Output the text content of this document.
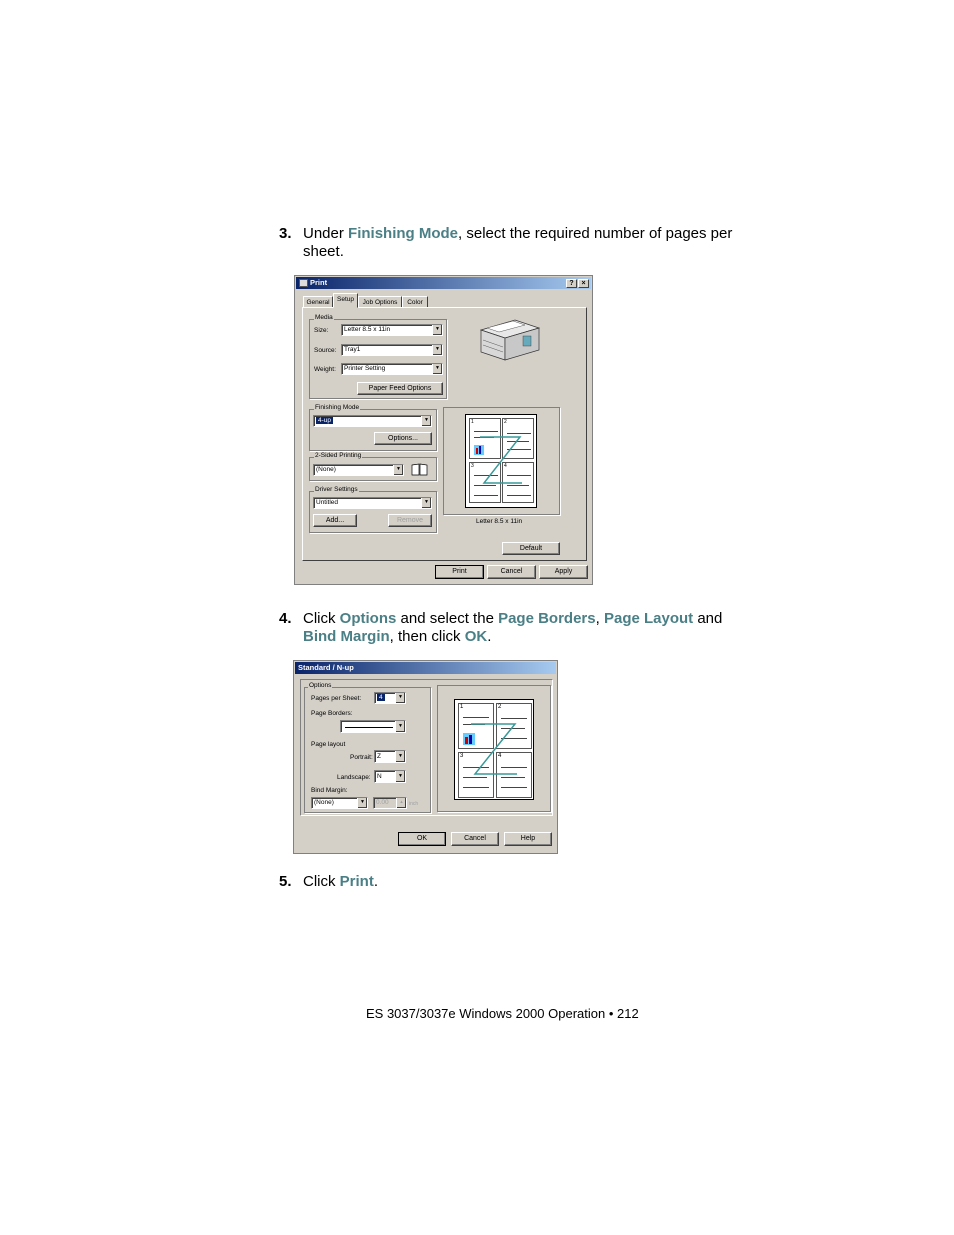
3. Under Finishing Mode, select the required number of pages per sheet.
Print	?	×
General	Setup	Job Options	Color
Media
Size:	Letter 8.5 x 11in	▼
Source:	Tray1	▼
Weight:	Printer Setting	▼
Paper Feed Options
Finishing Mode
4-up	▼
Options...
1	2
3	4
Letter 8.5 x 11in
2-Sided Printing
(None)	▼
Driver Settings
Untitled	▼
Add...	Remove
Default
Print	Cancel	Apply
4. Click Options and select the Page Borders, Page Layout and Bind Margin, then click OK.
Standard / N-up
Options
Pages per Sheet:	4	▼
Page Borders:
▼
Page layout
Portrait: Z	▼
Landscape: N	▼
Bind Margin:
(None)	▼	0.00	▴	inch
1	2
3	4
OK	Cancel	Help
5. Click Print.
ES 3037/3037e Windows 2000 Operation • 212
